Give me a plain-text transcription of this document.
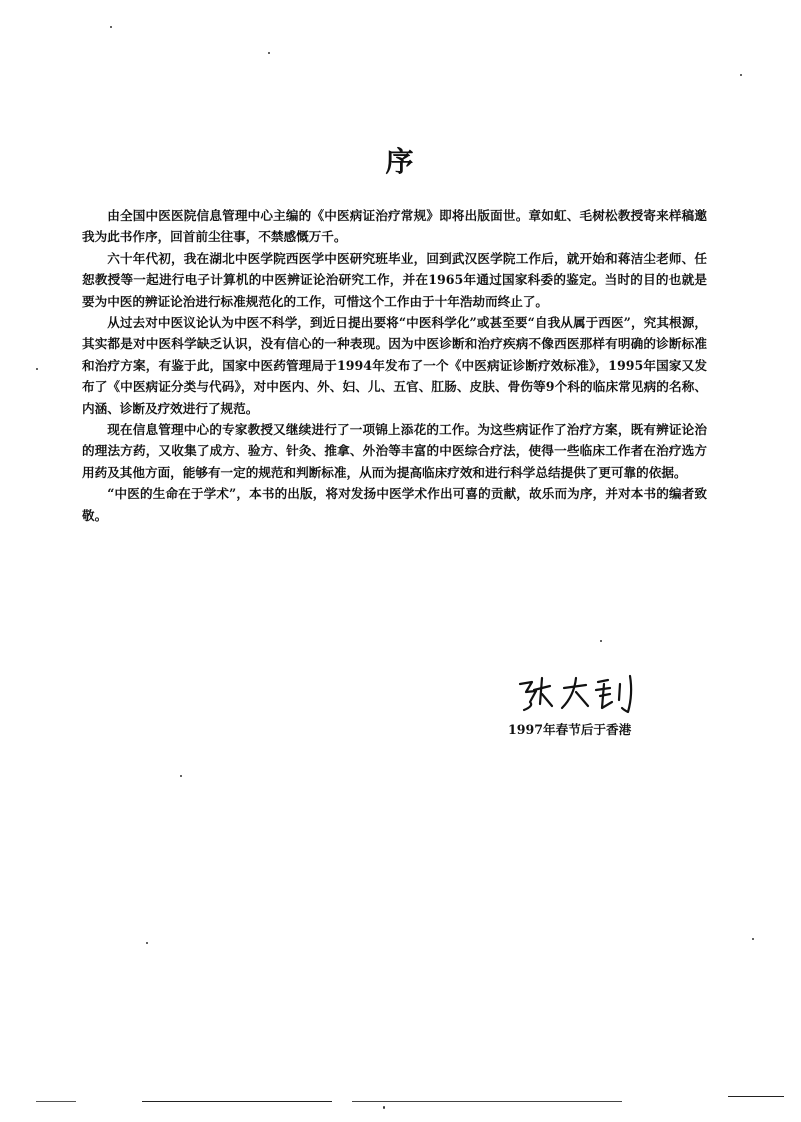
序

由全国中医医院信息管理中心主编的《中医病证治疗常规》即将出版面世。章如虹、毛树松教授寄来样稿邀我为此书作序，回首前尘往事，不禁感慨万千。

六十年代初，我在湖北中医学院西医学中医研究班毕业，回到武汉医学院工作后，就开始和蒋洁尘老师、任恕教授等一起进行电子计算机的中医辨证论治研究工作，并在1965年通过国家科委的鉴定。当时的目的也就是要为中医的辨证论治进行标准规范化的工作，可惜这个工作由于十年浩劫而终止了。

从过去对中医议论认为中医不科学，到近日提出要将“中医科学化”或甚至要“自我从属于西医”，究其根源，其实都是对中医科学缺乏认识，没有信心的一种表现。因为中医诊断和治疗疾病不像西医那样有明确的诊断标准和治疗方案，有鉴于此，国家中医药管理局于1994年发布了一个《中医病证诊断疗效标准》，1995年国家又发布了《中医病证分类与代码》，对中医内、外、妇、儿、五官、肛肠、皮肤、骨伤等9个科的临床常见病的名称、内涵、诊断及疗效进行了规范。

现在信息管理中心的专家教授又继续进行了一项锦上添花的工作。为这些病证作了治疗方案，既有辨证论治的理法方药，又收集了成方、验方、针灸、推拿、外治等丰富的中医综合疗法，使得一些临床工作者在治疗选方用药及其他方面，能够有一定的规范和判断标准，从而为提高临床疗效和进行科学总结提供了更可靠的依据。

“中医的生命在于学术”，本书的出版，将对发扬中医学术作出可喜的贡献，故乐而为序，并对本书的编者致敬。

1997年春节后于香港
